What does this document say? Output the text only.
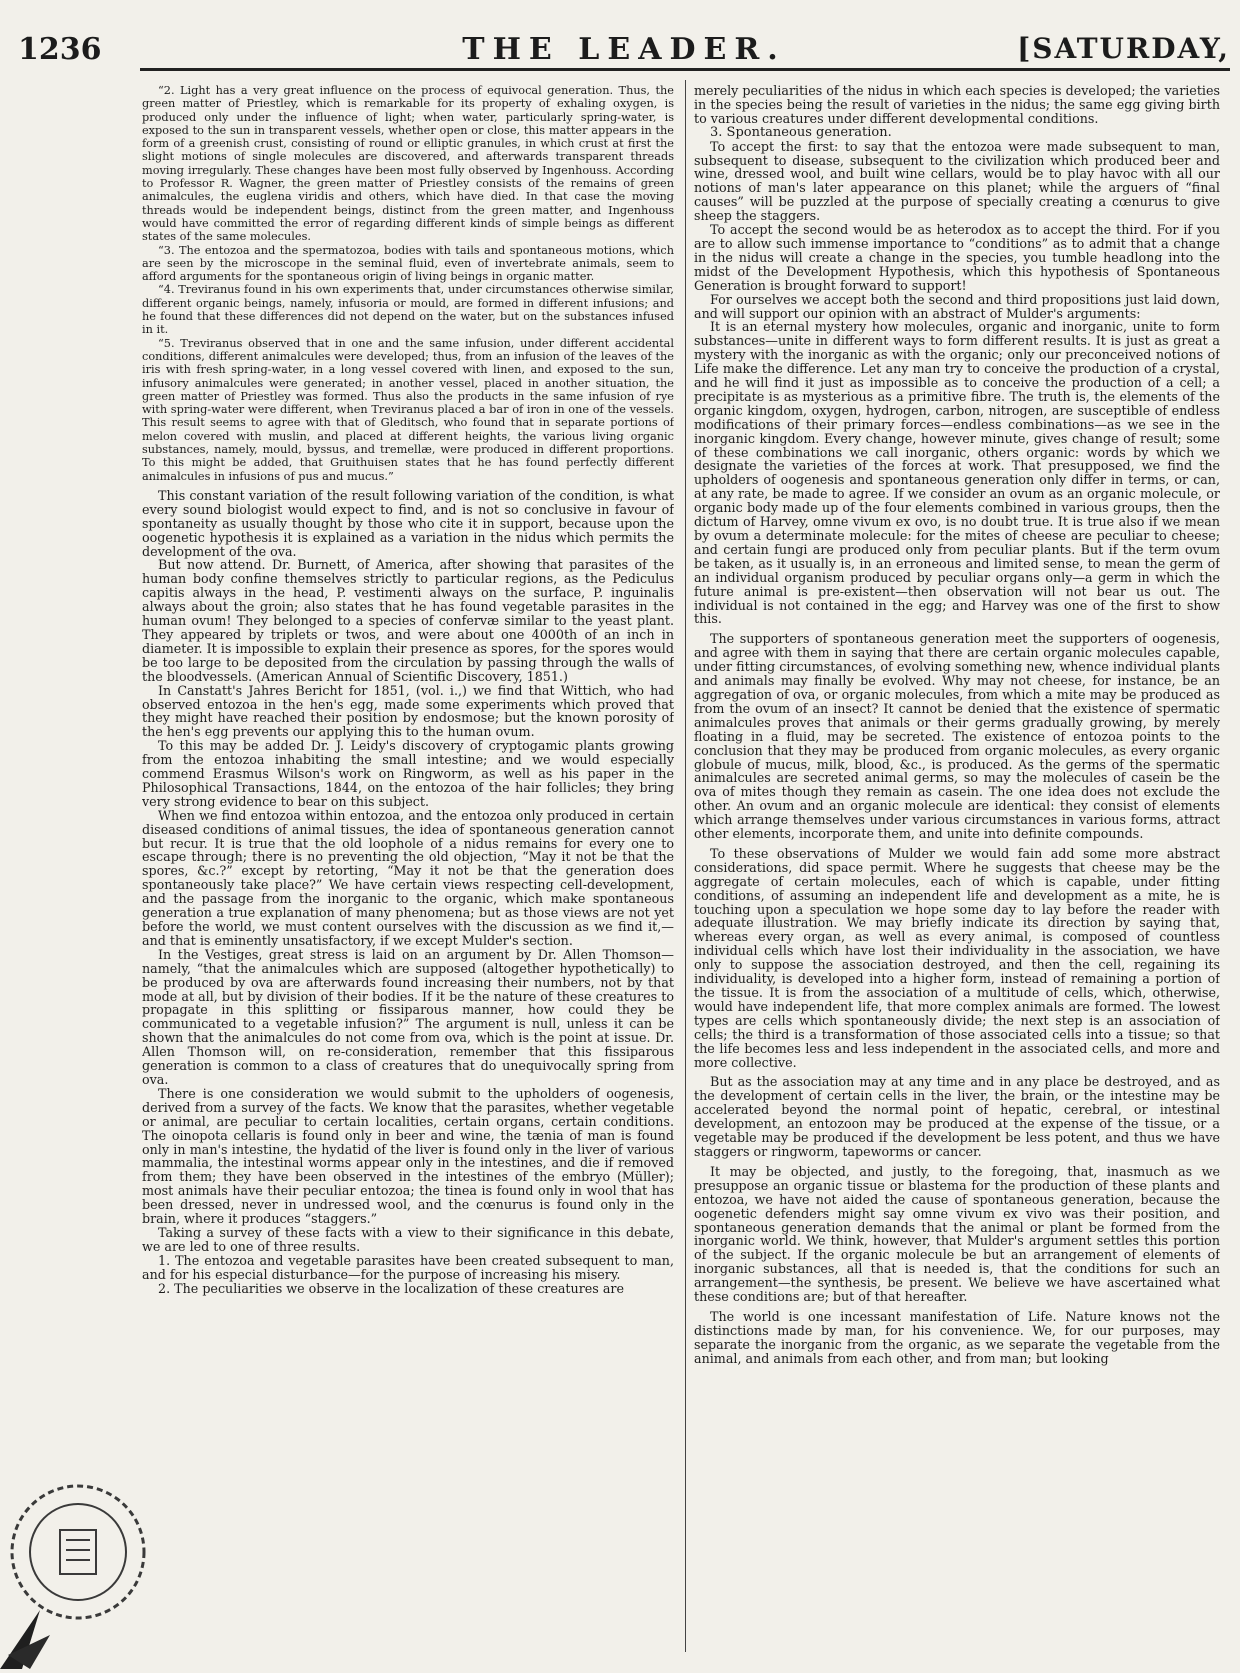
1236	THE LEADER.	[SATURDAY,

“2. Light has a very great influence on the process of equivocal generation. Thus, the green matter of Priestley, which is remarkable for its property of exhaling oxygen, is produced only under the influence of light; when water, particularly spring-water, is exposed to the sun in transparent vessels, whether open or close, this matter appears in the form of a greenish crust, consisting of round or elliptic granules, in which crust at first the slight motions of single molecules are discovered, and afterwards transparent threads moving irregularly. These changes have been most fully observed by Ingenhouss. According to Professor R. Wagner, the green matter of Priestley consists of the remains of green animalcules, the euglena viridis and others, which have died. In that case the moving threads would be independent beings, distinct from the green matter, and Ingenhouss would have committed the error of regarding different kinds of simple beings as different states of the same molecules.

“3. The entozoa and the spermatozoa, bodies with tails and spontaneous motions, which are seen by the microscope in the seminal fluid, even of invertebrate animals, seem to afford arguments for the spontaneous origin of living beings in organic matter.

“4. Treviranus found in his own experiments that, under circumstances otherwise similar, different organic beings, namely, infusoria or mould, are formed in different infusions; and he found that these differences did not depend on the water, but on the substances infused in it.

“5. Treviranus observed that in one and the same infusion, under different accidental conditions, different animalcules were developed; thus, from an infusion of the leaves of the iris with fresh spring-water, in a long vessel covered with linen, and exposed to the sun, infusory animalcules were generated; in another vessel, placed in another situation, the green matter of Priestley was formed. Thus also the products in the same infusion of rye with spring-water were different, when Treviranus placed a bar of iron in one of the vessels. This result seems to agree with that of Gleditsch, who found that in separate portions of melon covered with muslin, and placed at different heights, the various living organic substances, namely, mould, byssus, and tremellæ, were produced in different proportions. To this might be added, that Gruithuisen states that he has found perfectly different animalcules in infusions of pus and mucus.”

This constant variation of the result following variation of the condition, is what every sound biologist would expect to find, and is not so conclusive in favour of spontaneity as usually thought by those who cite it in support, because upon the oogenetic hypothesis it is explained as a variation in the nidus which permits the development of the ova.

But now attend. Dr. Burnett, of America, after showing that parasites of the human body confine themselves strictly to particular regions, as the Pediculus capitis always in the head, P. vestimenti always on the surface, P. inguinalis always about the groin; also states that he has found vegetable parasites in the human ovum! They belonged to a species of confervæ similar to the yeast plant. They appeared by triplets or twos, and were about one 4000th of an inch in diameter. It is impossible to explain their presence as spores, for the spores would be too large to be deposited from the circulation by passing through the walls of the bloodvessels. (American Annual of Scientific Discovery, 1851.)

In Canstatt's Jahres Bericht for 1851, (vol. i.,) we find that Wittich, who had observed entozoa in the hen's egg, made some experiments which proved that they might have reached their position by endosmose; but the known porosity of the hen's egg prevents our applying this to the human ovum.

To this may be added Dr. J. Leidy's discovery of cryptogamic plants growing from the entozoa inhabiting the small intestine; and we would especially commend Erasmus Wilson's work on Ringworm, as well as his paper in the Philosophical Transactions, 1844, on the entozoa of the hair follicles; they bring very strong evidence to bear on this subject.

When we find entozoa within entozoa, and the entozoa only produced in certain diseased conditions of animal tissues, the idea of spontaneous generation cannot but recur. It is true that the old loophole of a nidus remains for every one to escape through; there is no preventing the old objection, “May it not be that the spores, &c.?” except by retorting, “May it not be that the generation does spontaneously take place?” We have certain views respecting cell-development, and the passage from the inorganic to the organic, which make spontaneous generation a true explanation of many phenomena; but as those views are not yet before the world, we must content ourselves with the discussion as we find it,—and that is eminently unsatisfactory, if we except Mulder's section.

In the Vestiges, great stress is laid on an argument by Dr. Allen Thomson—namely, “that the animalcules which are supposed (altogether hypothetically) to be produced by ova are afterwards found increasing their numbers, not by that mode at all, but by division of their bodies. If it be the nature of these creatures to propagate in this splitting or fissiparous manner, how could they be communicated to a vegetable infusion?” The argument is null, unless it can be shown that the animalcules do not come from ova, which is the point at issue. Dr. Allen Thomson will, on re-consideration, remember that this fissiparous generation is common to a class of creatures that do unequivocally spring from ova.

There is one consideration we would submit to the upholders of oogenesis, derived from a survey of the facts. We know that the parasites, whether vegetable or animal, are peculiar to certain localities, certain organs, certain conditions. The oinopota cellaris is found only in beer and wine, the tænia of man is found only in man's intestine, the hydatid of the liver is found only in the liver of various mammalia, the intestinal worms appear only in the intestines, and die if removed from them; they have been observed in the intestines of the embryo (Müller); most animals have their peculiar entozoa; the tinea is found only in wool that has been dressed, never in undressed wool, and the cœnurus is found only in the brain, where it produces “staggers.”

Taking a survey of these facts with a view to their significance in this debate, we are led to one of three results.

1. The entozoa and vegetable parasites have been created subsequent to man, and for his especial disturbance—for the purpose of increasing his misery.

2. The peculiarities we observe in the localization of these creatures are

merely peculiarities of the nidus in which each species is developed; the varieties in the species being the result of varieties in the nidus; the same egg giving birth to various creatures under different developmental conditions.

3. Spontaneous generation.

To accept the first: to say that the entozoa were made subsequent to man, subsequent to disease, subsequent to the civilization which produced beer and wine, dressed wool, and built wine cellars, would be to play havoc with all our notions of man's later appearance on this planet; while the arguers of “final causes” will be puzzled at the purpose of specially creating a cœnurus to give sheep the staggers.

To accept the second would be as heterodox as to accept the third. For if you are to allow such immense importance to “conditions” as to admit that a change in the nidus will create a change in the species, you tumble headlong into the midst of the Development Hypothesis, which this hypothesis of Spontaneous Generation is brought forward to support!

For ourselves we accept both the second and third propositions just laid down, and will support our opinion with an abstract of Mulder's arguments:

It is an eternal mystery how molecules, organic and inorganic, unite to form substances—unite in different ways to form different results. It is just as great a mystery with the inorganic as with the organic; only our preconceived notions of Life make the difference. Let any man try to conceive the production of a crystal, and he will find it just as impossible as to conceive the production of a cell; a precipitate is as mysterious as a primitive fibre. The truth is, the elements of the organic kingdom, oxygen, hydrogen, carbon, nitrogen, are susceptible of endless modifications of their primary forces—endless combinations—as we see in the inorganic kingdom. Every change, however minute, gives change of result; some of these combinations we call inorganic, others organic: words by which we designate the varieties of the forces at work. That presupposed, we find the upholders of oogenesis and spontaneous generation only differ in terms, or can, at any rate, be made to agree. If we consider an ovum as an organic molecule, or organic body made up of the four elements combined in various groups, then the dictum of Harvey, omne vivum ex ovo, is no doubt true. It is true also if we mean by ovum a determinate molecule: for the mites of cheese are peculiar to cheese; and certain fungi are produced only from peculiar plants. But if the term ovum be taken, as it usually is, in an erroneous and limited sense, to mean the germ of an individual organism produced by peculiar organs only—a germ in which the future animal is pre-existent—then observation will not bear us out. The individual is not contained in the egg; and Harvey was one of the first to show this.

The supporters of spontaneous generation meet the supporters of oogenesis, and agree with them in saying that there are certain organic molecules capable, under fitting circumstances, of evolving something new, whence individual plants and animals may finally be evolved. Why may not cheese, for instance, be an aggregation of ova, or organic molecules, from which a mite may be produced as from the ovum of an insect? It cannot be denied that the existence of spermatic animalcules proves that animals or their germs gradually growing, by merely floating in a fluid, may be secreted. The existence of entozoa points to the conclusion that they may be produced from organic molecules, as every organic globule of mucus, milk, blood, &c., is produced. As the germs of the spermatic animalcules are secreted animal germs, so may the molecules of casein be the ova of mites though they remain as casein. The one idea does not exclude the other. An ovum and an organic molecule are identical: they consist of elements which arrange themselves under various circumstances in various forms, attract other elements, incorporate them, and unite into definite compounds.

To these observations of Mulder we would fain add some more abstract considerations, did space permit. Where he suggests that cheese may be the aggregate of certain molecules, each of which is capable, under fitting conditions, of assuming an independent life and development as a mite, he is touching upon a speculation we hope some day to lay before the reader with adequate illustration. We may briefly indicate its direction by saying that, whereas every organ, as well as every animal, is composed of countless individual cells which have lost their individuality in the association, we have only to suppose the association destroyed, and then the cell, regaining its individuality, is developed into a higher form, instead of remaining a portion of the tissue. It is from the association of a multitude of cells, which, otherwise, would have independent life, that more complex animals are formed. The lowest types are cells which spontaneously divide; the next step is an association of cells; the third is a transformation of those associated cells into a tissue; so that the life becomes less and less independent in the associated cells, and more and more collective.

But as the association may at any time and in any place be destroyed, and as the development of certain cells in the liver, the brain, or the intestine may be accelerated beyond the normal point of hepatic, cerebral, or intestinal development, an entozoon may be produced at the expense of the tissue, or a vegetable may be produced if the development be less potent, and thus we have staggers or ringworm, tapeworms or cancer.

It may be objected, and justly, to the foregoing, that, inasmuch as we presuppose an organic tissue or blastema for the production of these plants and entozoa, we have not aided the cause of spontaneous generation, because the oogenetic defenders might say omne vivum ex vivo was their position, and spontaneous generation demands that the animal or plant be formed from the inorganic world. We think, however, that Mulder's argument settles this portion of the subject. If the organic molecule be but an arrangement of elements of inorganic substances, all that is needed is, that the conditions for such an arrangement—the synthesis, be present. We believe we have ascertained what these conditions are; but of that hereafter.

The world is one incessant manifestation of Life. Nature knows not the distinctions made by man, for his convenience. We, for our purposes, may separate the inorganic from the organic, as we separate the vegetable from the animal, and animals from each other, and from man; but looking
